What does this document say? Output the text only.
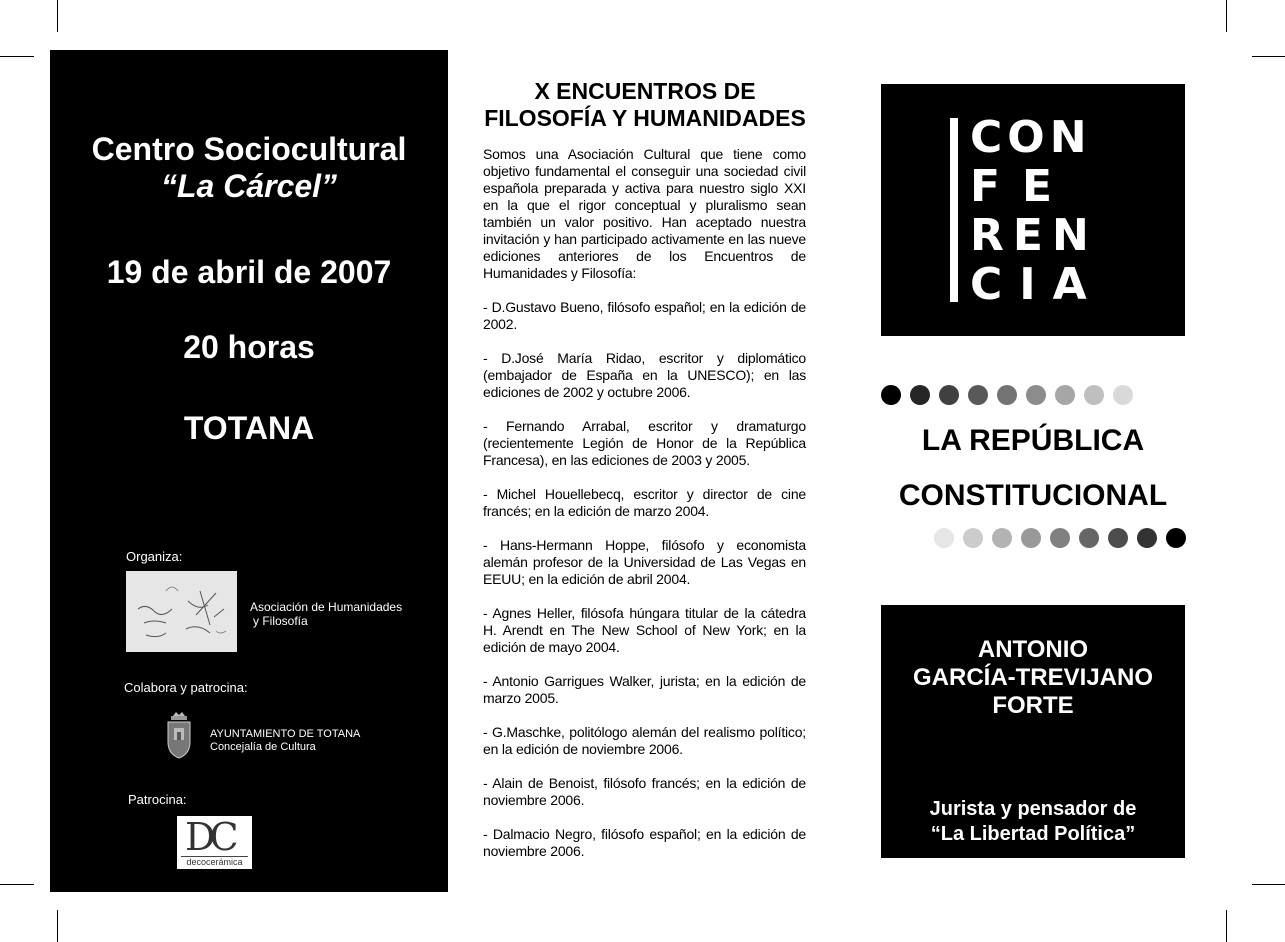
Centro Sociocultural
“La Cárcel”
19 de abril de 2007
20 horas
TOTANA
Organiza:
Asociación de Humanidades
y Filosofía
Colabora y patrocina:
AYUNTAMIENTO DE TOTANA
Concejalía de Cultura
Patrocina:
DC
decocerámica
X ENCUENTROS DE
FILOSOFÍA Y HUMANIDADES

Somos una Asociación Cultural que tiene como objetivo fundamental el conseguir una sociedad civil española preparada y activa para nuestro siglo XXI en la que el rigor conceptual y pluralismo sean también un valor positivo. Han aceptado nuestra invitación y han participado activamente en las nueve ediciones anteriores de los Encuentros de Humanidades y Filosofía:

- D.Gustavo Bueno, filósofo español; en la edición de 2002.

- D.José María Ridao, escritor y diplomático (embajador de España en la UNESCO); en las ediciones de 2002 y octubre 2006.

- Fernando Arrabal, escritor y dramaturgo (recientemente Legión de Honor de la República Francesa), en las ediciones de 2003 y 2005.

- Michel Houellebecq, escritor y director de cine francés; en la edición de marzo 2004.

- Hans-Hermann Hoppe, filósofo y economista alemán profesor de la Universidad de Las Vegas en EEUU; en la edición de abril 2004.

- Agnes Heller, filósofa húngara titular de la cátedra H. Arendt en The New School of New York; en la edición de mayo 2004.

- Antonio Garrigues Walker, jurista; en la edición de marzo 2005.

- G.Maschke, politólogo alemán del realismo político; en la edición de noviembre 2006.

- Alain de Benoist, filósofo francés; en la edición de noviembre 2006.

- Dalmacio Negro, filósofo español; en la edición de noviembre 2006.

CON
FE
REN
CIA
LA REPÚBLICA
CONSTITUCIONAL
ANTONIO
GARCÍA-TREVIJANO
FORTE
Jurista y pensador de
“La Libertad Política”
